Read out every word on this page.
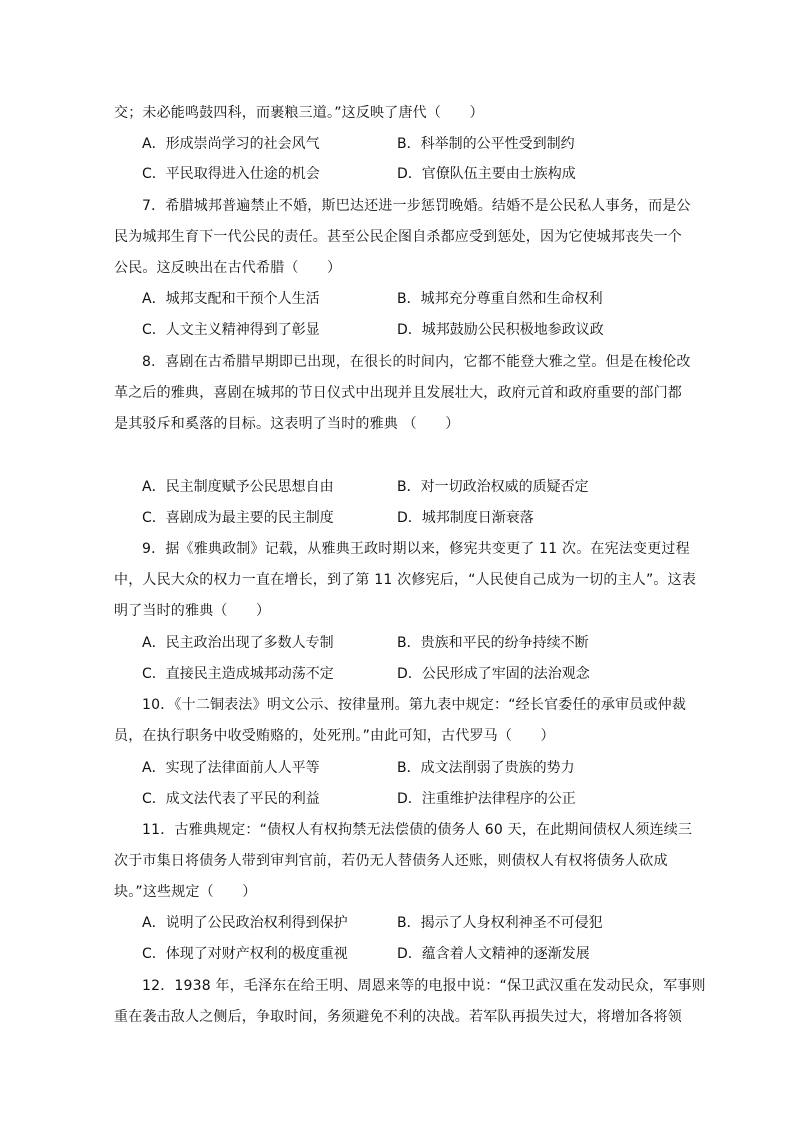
交；未必能鸣鼓四科，而裹粮三道。”这反映了唐代（　　）
A．形成崇尚学习的社会风气	B．科举制的公平性受到制约
C．平民取得进入仕途的机会	D．官僚队伍主要由士族构成
7．希腊城邦普遍禁止不婚，斯巴达还进一步惩罚晚婚。结婚不是公民私人事务，而是公
民为城邦生育下一代公民的责任。甚至公民企图自杀都应受到惩处，因为它使城邦丧失一个
公民。这反映出在古代希腊（　　）
A．城邦支配和干预个人生活	B．城邦充分尊重自然和生命权利
C．人文主义精神得到了彰显	D．城邦鼓励公民积极地参政议政
8．喜剧在古希腊早期即已出现，在很长的时间内，它都不能登大雅之堂。但是在梭伦改
革之后的雅典，喜剧在城邦的节日仪式中出现并且发展壮大，政府元首和政府重要的部门都
是其驳斥和奚落的目标。这表明了当时的雅典 （　　）
A．民主制度赋予公民思想自由	B．对一切政治权威的质疑否定
C．喜剧成为最主要的民主制度	D．城邦制度日渐衰落
9．据《雅典政制》记载，从雅典王政时期以来，修宪共变更了 11 次。在宪法变更过程
中，人民大众的权力一直在增长，到了第 11 次修宪后，“人民使自己成为一切的主人”。这表
明了当时的雅典（　　）
A．民主政治出现了多数人专制	B．贵族和平民的纷争持续不断
C．直接民主造成城邦动荡不定	D．公民形成了牢固的法治观念
10．《十二铜表法》明文公示、按律量刑。第九表中规定：“经长官委任的承审员或仲裁
员，在执行职务中收受贿赂的，处死刑。”由此可知，古代罗马（　　）
A．实现了法律面前人人平等	B．成文法削弱了贵族的势力
C．成文法代表了平民的利益	D．注重维护法律程序的公正
11．古雅典规定：“债权人有权拘禁无法偿债的债务人 60 天，在此期间债权人须连续三
次于市集日将债务人带到审判官前，若仍无人替债务人还账，则债权人有权将债务人砍成
块。”这些规定（　　）
A．说明了公民政治权利得到保护	B．揭示了人身权利神圣不可侵犯
C．体现了对财产权利的极度重视	D．蕴含着人文精神的逐渐发展
12．1938 年，毛泽东在给王明、周恩来等的电报中说：“保卫武汉重在发动民众，军事则
重在袭击敌人之侧后，争取时间，务须避免不利的决战。若军队再损失过大，将增加各将领
